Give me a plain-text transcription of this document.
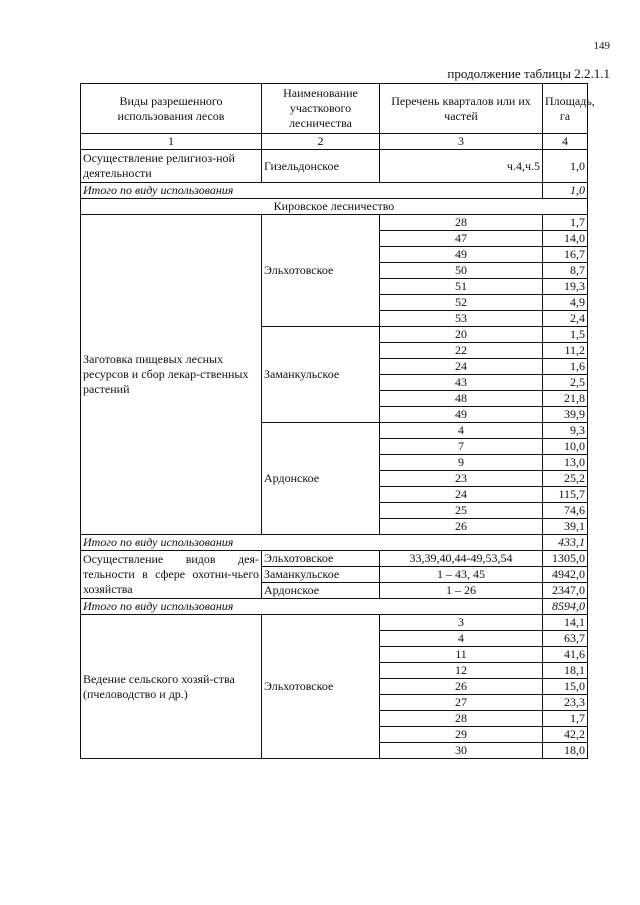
149
продолжение таблицы 2.2.1.1
Виды разрешенного использования лесов	Наименование участкового лесничества	Перечень кварталов или их частей	Площадь, га
1	2	3	4
Осуществление религиоз-ной деятельности	Гизельдонское	ч.4,ч.5	1,0
Итого по виду использования			1,0
Кировское лесничество			
Заготовка пищевых лесных ресурсов и сбор лекар-ственных растений	Эльхотовское	28	1,7
		47	14,0
		49	16,7
		50	8,7
		51	19,3
		52	4,9
		53	2,4
	Заманкульское	20	1,5
		22	11,2
		24	1,6
		43	2,5
		48	21,8
		49	39,9
	Ардонское	4	9,3
		7	10,0
		9	13,0
		23	25,2
		24	115,7
		25	74,6
		26	39,1
Итого по виду использования			433,1
Осуществление видов дея-тельности в сфере охотни-чьего хозяйства	Эльхотовское	33,39,40,44-49,53,54	1305,0
	Заманкульское	1 – 43, 45	4942,0
	Ардонское	1 – 26	2347,0
Итого по виду использования			8594,0
Ведение сельского хозяй-ства (пчеловодство и др.)	Эльхотовское	3	14,1
		4	63,7
		11	41,6
		12	18,1
		26	15,0
		27	23,3
		28	1,7
		29	42,2
		30	18,0
